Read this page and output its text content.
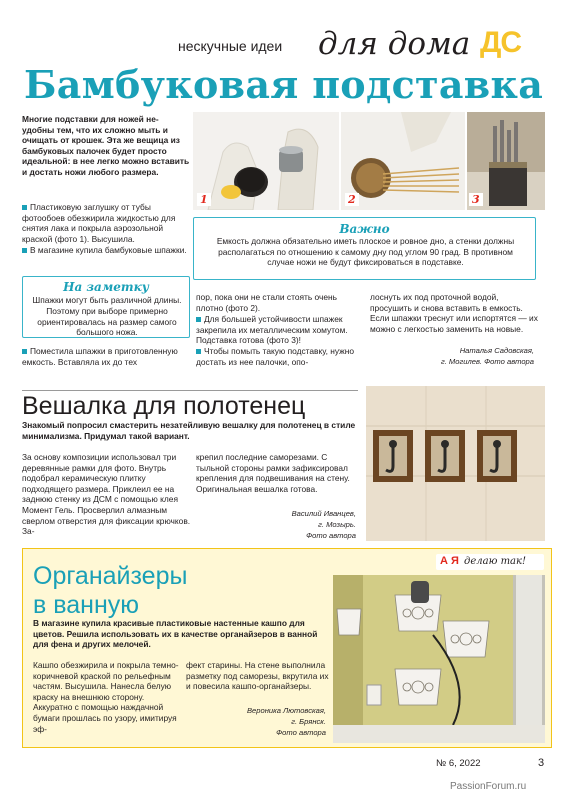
нескучные идеи для дома ДС
Бамбуковая подставка
Многие подставки для ножей не-удобны тем, что их сложно мыть и очищать от крошек. Эта же вещица из бамбуковых палочек будет просто идеальной: в нее легко можно вставить и достать ножи любого размера.
1	2	3
Пластиковую заглушку от тубы фотообоев обезжирила жидкостью для снятия лака и покрыла аэрозольной краской (фото 1). Высушила.
В магазине купила бамбуковые шпажки.
На заметку
Шпажки могут быть различной длины. Поэтому при выборе примерно ориентировалась на размер самого большого ножа.
Важно
Емкость должна обязательно иметь плоское и ровное дно, а стенки должны располагаться по отношению к самому дну под углом 90 град. В противном случае ножи не будут фиксироваться в подставке.
Поместила шпажки в приготовленную емкость. Вставляла их до тех
пор, пока они не стали стоять очень плотно (фото 2).
Для большей устойчивости шпажек закрепила их металлическим хомутом. Подставка готова (фото 3)!
Чтобы помыть такую подставку, нужно достать из нее палочки, опо-
лоснуть их под проточной водой, просушить и снова вставить в емкость. Если шпажки треснут или испортятся — их можно с легкостью заменить на новые.
Наталья Садовская,
г. Могилев. Фото автора
Вешалка для полотенец
Знакомый попросил смастерить незатейливую вешалку для полотенец в стиле минимализма. Придумал такой вариант.
За основу композиции использовал три деревянные рамки для фото. Внутрь подобрал керамическую плитку подходящего размера. Приклеил ее на заднюю стенку из ДСМ с помощью клея Момент Гель. Просверлил алмазным сверлом отверстия для фиксации крючков. За-
крепил последние саморезами. С тыльной стороны рамки зафиксировал крепления для подвешивания на стену. Оригинальная вешалка готова.
Василий Иванцев,
г. Мозырь.
Фото автора
Органайзеры
в ванную
А Я делаю так!
В магазине купила красивые пластиковые настенные кашпо для цветов. Решила использовать их в качестве органайзеров в ванной для фена и других мелочей.
Кашпо обезжирила и покрыла темно-коричневой краской по рельефным частям. Высушила. Нанесла белую краску на внешнюю сторону. Аккуратно с помощью наждачной бумаги прошлась по узору, имитируя эф-
фект старины. На стене выполнила разметку под саморезы, вкрутила их и повесила кашпо-органайзеры.
Вероника Лютовская,
г. Брянск.
Фото автора
№ 6, 2022	3
PassionForum.ru
